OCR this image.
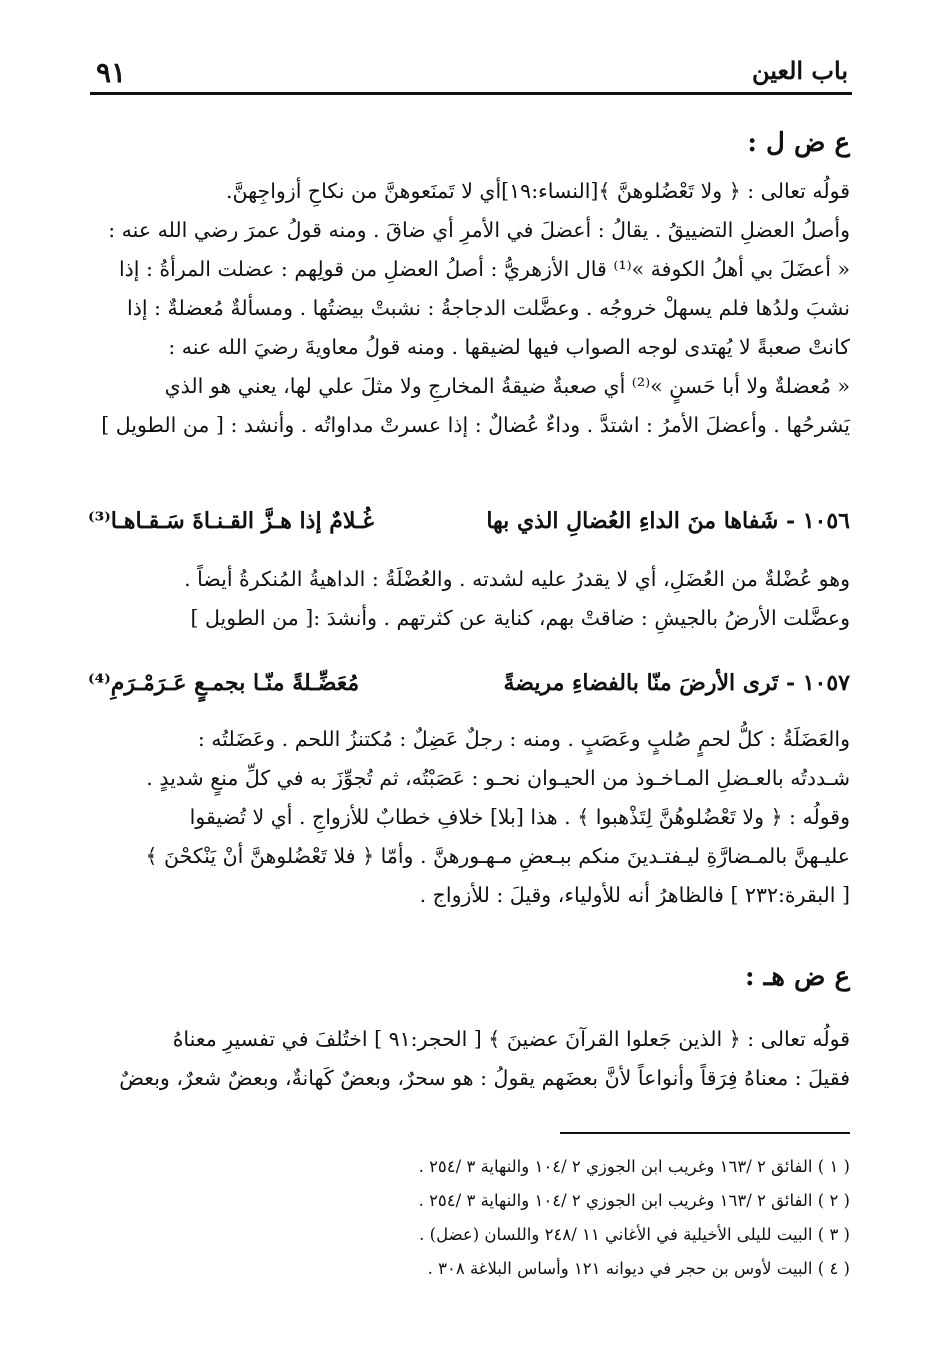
٩١	باب العين
ع ض ل :
قولُه تعالى : ﴿ ولا تَعْضُلوهنَّ ﴾[النساء:١٩]أي لا تَمنَعوهنَّ من نكاحِ أزواجِهنَّ.
وأصلُ العضلِ التضييقُ . يقالُ : أعضلَ في الأمرِ أي ضاقَ . ومنه قولُ عمرَ رضي الله عنه :
« أعضَلَ بي أهلُ الكوفة »⁽¹⁾ قال الأزهريُّ : أصلُ العضلِ من قولِهم : عضلت المرأةُ : إذا
نشبَ ولدُها فلم يسهلْ خروجُه . وعضَّلت الدجاجةُ : نشبتْ بيضتُها . ومسألةٌ مُعضلةٌ : إذا
كانتْ صعبةً لا يُهتدى لوجه الصواب فيها لضيقها . ومنه قولُ معاويةَ رضيَ الله عنه :
« مُعضلةٌ ولا أبا حَسنٍ »⁽²⁾ أي صعبةٌ ضيقةُ المخارجِ ولا مثلَ علي لها، يعني هو الذي
يَشرحُها . وأعضلَ الأمرُ : اشتدَّ . وداءٌ عُضالٌ : إذا عسرتْ مداواتُه . وأنشد : [ من الطويل ]
١٠٥٦ - شَفاها منَ الداءِ العُضالِ الذي بها
غُـلامٌ إذا هـزَّ القـنـاةَ سَـقـاهـا⁽³⁾
وهو عُضْلةٌ من العُضَلِ، أي لا يقدرُ عليه لشدته . والعُضْلَةُ : الداهيةُ المُنكرةُ أيضاً .
وعضَّلت الأرضُ بالجيشِ : ضاقتْ بهم، كناية عن كثرتهم . وأنشدَ :[ من الطويل ]
١٠٥٧ - تَرى الأرضَ منّا بالفضاءِ مريضةً
مُعَضِّـلةً منّـا بجمـعٍ عَـرَمْـرَمِ⁽⁴⁾
والعَضَلَةُ : كلُّ لحمٍ صُلبٍ وعَصَبٍ . ومنه : رجلٌ عَضِلٌ : مُكتنزُ اللحم . وعَضَلتُه :
شـددتُه بالعـضلِ المـاخـوذ من الحيـوان نحـو : عَصَبْتُه، ثم تُجوِّزَ به في كلِّ منعٍ شديدٍ .
وقولُه : ﴿ ولا تَعْضُلوهُنَّ لِتَذْهبوا ﴾ . هذا [بلا] خلافِ خطابٌ للأزواجِ . أي لا تُضيقوا
عليـهنَّ بالمـضارَّةِ ليـفتـدينَ منكم ببـعضِ مـهـورهنَّ . وأمّا ﴿ فلا تَعْضُلوهنَّ أنْ يَنْكحْنَ ﴾
[ البقرة:٢٣٢ ] فالظاهرُ أنه للأولياء، وقيلَ : للأزواج .
ع ض هـ :
قولُه تعالى : ﴿ الذين جَعلوا القرآنَ عضينَ ﴾ [ الحجر:٩١ ] اختُلفَ في تفسيرِ معناهُ
فقيلَ : معناهُ فِرَقاً وأنواعاً لأنَّ بعضَهم يقولُ : هو سحرٌ، وبعضٌ كَهانةٌ، وبعضٌ شعرٌ، وبعضٌ
( ١ ) الفائق ٢ /١٦٣ وغريب ابن الجوزي ٢ /١٠٤ والنهاية ٣ /٢٥٤ .
( ٢ ) الفائق ٢ /١٦٣ وغريب ابن الجوزي ٢ /١٠٤ والنهاية ٣ /٢٥٤ .
( ٣ ) البيت لليلى الأخيلية في الأغاني ١١ /٢٤٨ واللسان (عضل) .
( ٤ ) البيت لأوس بن حجر في ديوانه ١٢١ وأساس البلاغة ٣٠٨ .
